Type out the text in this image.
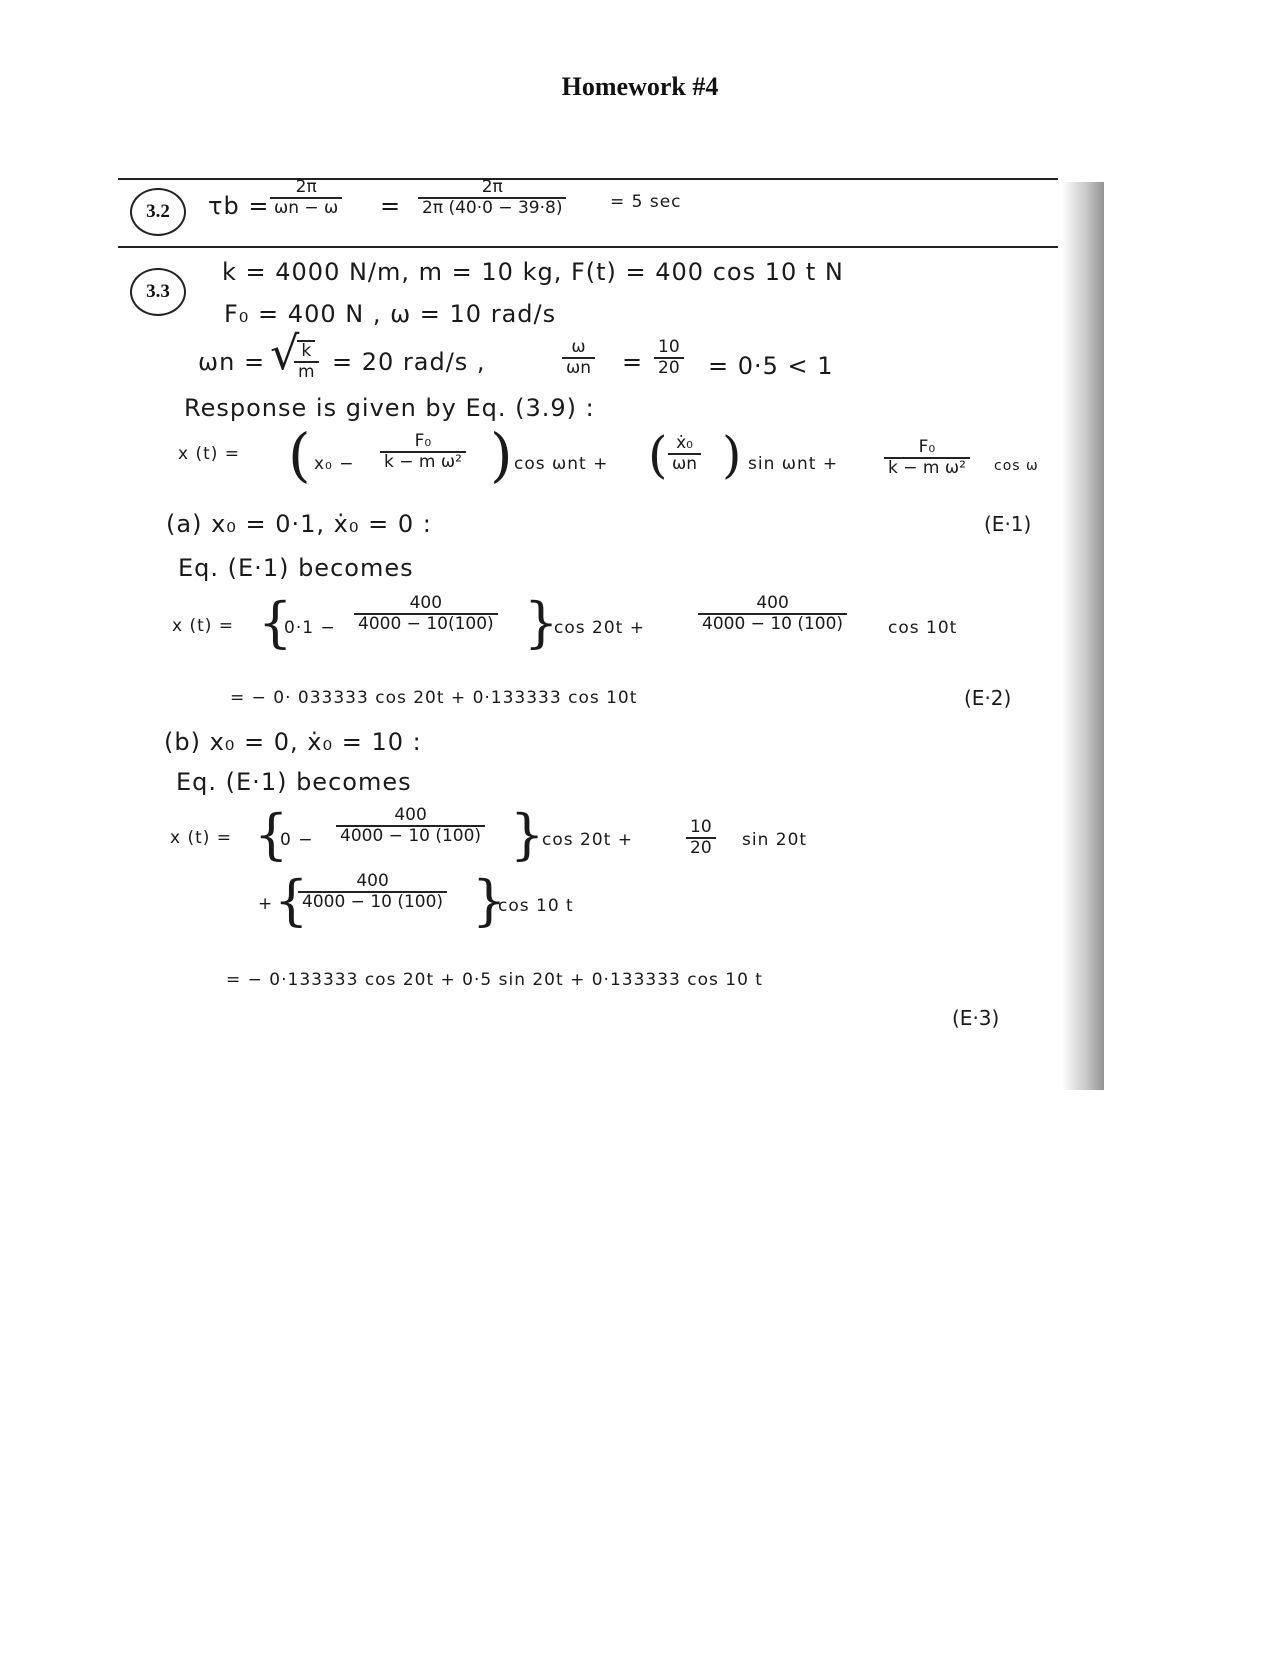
Homework #4
3.2	$\tau b = \frac{2\pi}{\omega n - \omega} = \frac{2\pi}{2\pi (40\cdot 0 - 39\cdot 8)}$	= 5 sec
3.3
k = 4000 N/m, m = 10 kg, F(t) = 400 cos 10 t N
F₀ = 400 N , ω = 10 rad/s
ωn = √
$\frac{k}{m} = 20$ rad/s ,	$\frac{\omega}{\omega n} = \frac{10}{20} = 0\cdot 5 < 1$
Response is given by Eq. (3.9) :
x (t) = ( $x_0 - \frac{\text{F₀}}{\text{k − m ω²}}$ ) cos ωnt + ( $\frac{\text{ẋ₀}}{\omega n}$ ) sin ωnt +	$\frac{\text{F₀}}{\text{k − m ω²}}$ cos ω
(E·1)
(a) x₀ = 0·1, ẋ₀ = 0 :
Eq. (E·1) becomes
x (t) = {
$0\cdot 1 - \frac{400}{4000 - 10(100)}$ }
cos 20t +	$\frac{400}{4000 - 10 (100)}$ cos 10t
= − 0· 033333 cos 20t + 0·133333 cos 10t	(E·2)
(b) x₀ = 0, ẋ₀ = 10 :
Eq. (E·1) becomes
x (t) = {
$0 - \frac{400}{4000 - 10 (100)}$ }
cos 20t +	$\frac{10}{20}$ sin 20t
+ {
$\frac{400}{4000 - 10 (100)}$ }
cos 10 t
= − 0·133333 cos 20t + 0·5 sin 20t + 0·133333 cos 10 t
(E·3)
